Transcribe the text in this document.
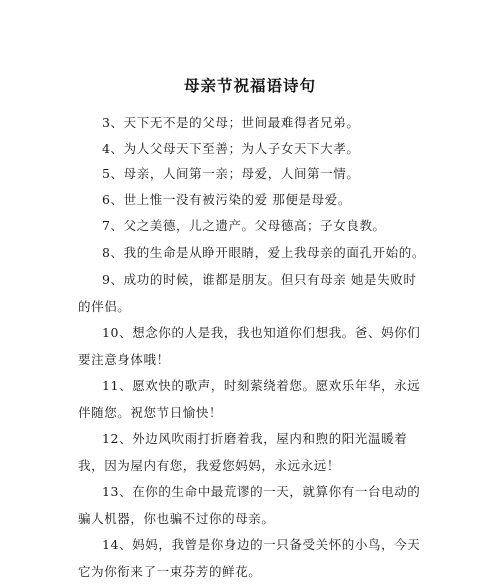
母亲节祝福语诗句
3、天下无不是的父母；世间最难得者兄弟。
4、为人父母天下至善；为人子女天下大孝。
5、母亲，人间第一亲；母爱，人间第一情。
6、世上惟一没有被污染的爱 那便是母爱。
7、父之美德，儿之遗产。父母德高；子女良教。
8、我的生命是从睁开眼睛，爱上我母亲的面孔开始的。
9、成功的时候，谁都是朋友。但只有母亲 她是失败时的伴侣。
10、想念你的人是我，我也知道你们想我。爸、妈你们要注意身体哦！
11、愿欢快的歌声，时刻萦绕着您。愿欢乐年华，永远伴随您。祝您节日愉快！
12、外边风吹雨打折磨着我，屋内和煦的阳光温暖着我，因为屋内有您，我爱您妈妈，永远永远！
13、在你的生命中最荒谬的一天，就算你有一台电动的骗人机器，你也骗不过你的母亲。
14、妈妈，我曾是你身边的一只备受关怀的小鸟，今天它为你衔来了一束芬芳的鲜花。
